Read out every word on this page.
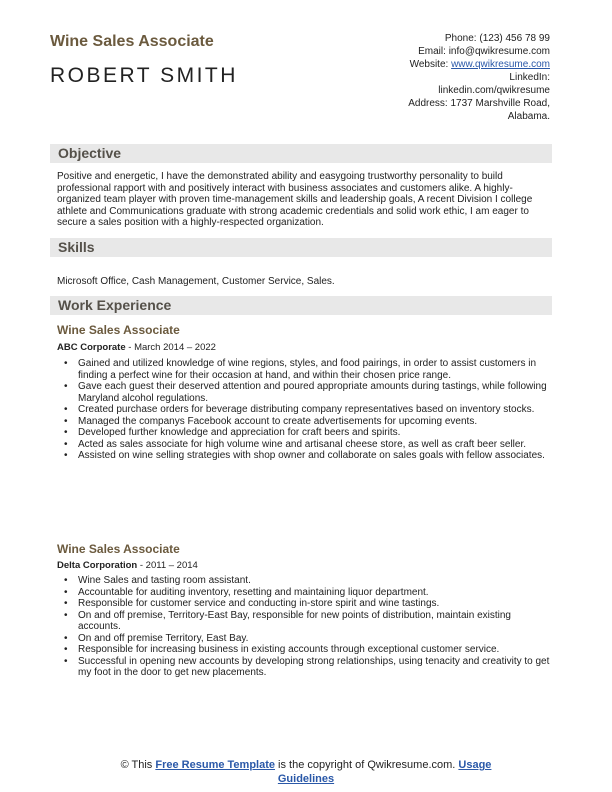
Wine Sales Associate
ROBERT SMITH
Phone: (123) 456 78 99
Email: info@qwikresume.com
Website: www.qwikresume.com
LinkedIn:
linkedin.com/qwikresume
Address: 1737 Marshville Road,
Alabama.
Objective

Positive and energetic, I have the demonstrated ability and easygoing trustworthy personality to build professional rapport with and positively interact with business associates and customers alike. A highly-organized team player with proven time-management skills and leadership goals, A recent Division I college athlete and Communications graduate with strong academic credentials and solid work ethic, I am eager to secure a sales position with a highly-respected organization.

Skills

Microsoft Office, Cash Management, Customer Service, Sales.

Work Experience
Wine Sales Associate
ABC Corporate - March 2014 – 2022
• Gained and utilized knowledge of wine regions, styles, and food pairings, in order to assist customers in finding a perfect wine for their occasion at hand, and within their chosen price range.
• Gave each guest their deserved attention and poured appropriate amounts during tastings, while following Maryland alcohol regulations.
• Created purchase orders for beverage distributing company representatives based on inventory stocks.
• Managed the companys Facebook account to create advertisements for upcoming events.
• Developed further knowledge and appreciation for craft beers and spirits.
• Acted as sales associate for high volume wine and artisanal cheese store, as well as craft beer seller.
• Assisted on wine selling strategies with shop owner and collaborate on sales goals with fellow associates.
Wine Sales Associate
Delta Corporation - 2011 – 2014
• Wine Sales and tasting room assistant.
• Accountable for auditing inventory, resetting and maintaining liquor department.
• Responsible for customer service and conducting in-store spirit and wine tastings.
• On and off premise, Territory-East Bay, responsible for new points of distribution, maintain existing accounts.
• On and off premise Territory, East Bay.
• Responsible for increasing business in existing accounts through exceptional customer service.
• Successful in opening new accounts by developing strong relationships, using tenacity and creativity to get my foot in the door to get new placements.
© This Free Resume Template is the copyright of Qwikresume.com. Usage
Guidelines
